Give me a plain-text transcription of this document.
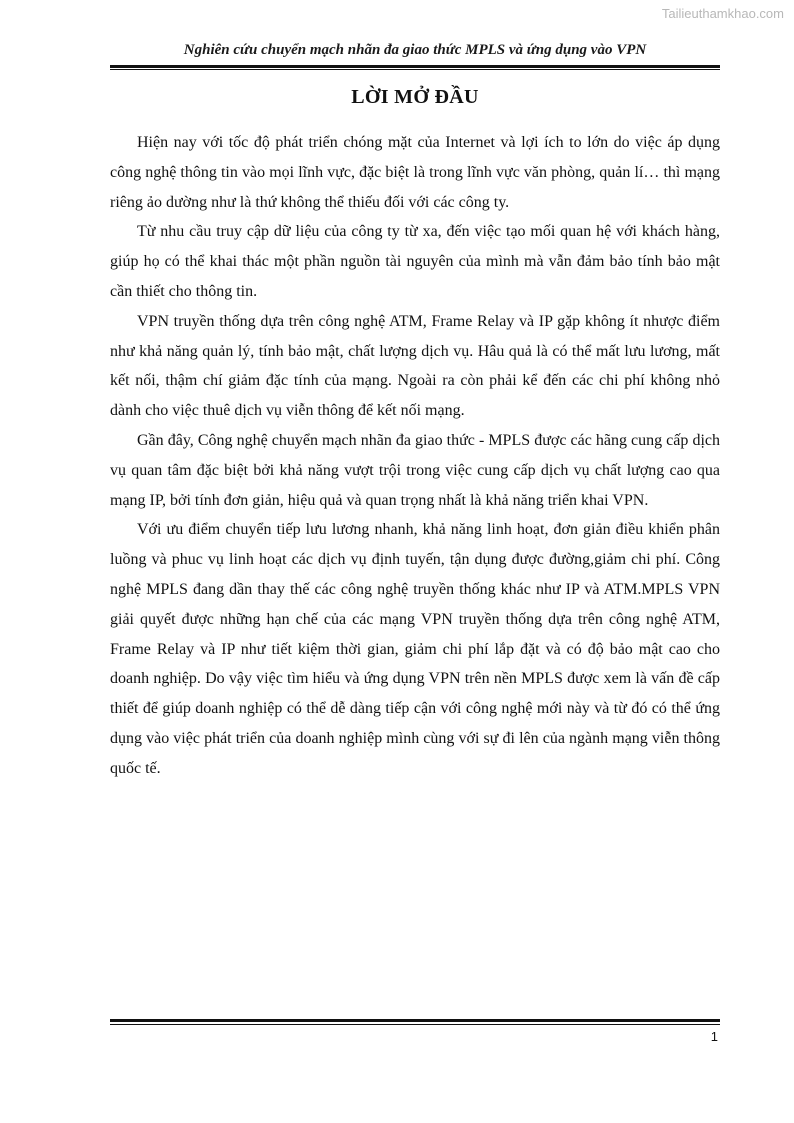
Tailieuthamkhao.com
Nghiên cứu chuyển mạch nhãn đa giao thức MPLS và ứng dụng vào VPN
LỜI MỞ ĐẦU

Hiện nay với tốc độ phát triển chóng mặt của Internet và lợi ích to lớn do việc áp dụng công nghệ thông tin vào mọi lĩnh vực, đặc biệt là trong lĩnh vực văn phòng, quản lí… thì mạng riêng ảo dường như là thứ không thể thiếu đối với các công ty.

Từ nhu cầu truy cập dữ liệu của công ty từ xa, đến việc tạo mối quan hệ với khách hàng, giúp họ có thể khai thác một phần nguồn tài nguyên của mình mà vẫn đảm bảo tính bảo mật cần thiết cho thông tin.

VPN truyền thống dựa trên công nghệ ATM, Frame Relay và IP gặp không ít nhược điểm như khả năng quản lý, tính bảo mật, chất lượng dịch vụ. Hâu quả là có thể mất lưu lương, mất kết nối, thậm chí giảm đặc tính của mạng. Ngoài ra còn phải kể đến các chi phí không nhỏ dành cho việc thuê dịch vụ viễn thông để kết nối mạng.

Gần đây, Công nghệ chuyển mạch nhãn đa giao thức - MPLS được các hãng cung cấp dịch vụ quan tâm đặc biệt bởi khả năng vượt trội trong việc cung cấp dịch vụ chất lượng cao qua mạng IP, bởi tính đơn giản, hiệu quả và quan trọng nhất là khả năng triển khai VPN.

Với ưu điểm chuyển tiếp lưu lương nhanh, khả năng linh hoạt, đơn giản điều khiển phân luồng và phuc vụ linh hoạt các dịch vụ định tuyến, tận dụng được đường,giảm chi phí. Công nghệ MPLS đang dần thay thế các công nghệ truyền thống khác như IP và ATM.MPLS VPN giải quyết được những hạn chế của các mạng VPN truyền thống dựa trên công nghệ ATM, Frame Relay và IP như tiết kiệm thời gian, giảm chi phí lắp đặt và có độ bảo mật cao cho doanh nghiệp. Do vậy việc tìm hiểu và ứng dụng VPN trên nền MPLS được xem là vấn đề cấp thiết để giúp doanh nghiệp có thể dễ dàng tiếp cận với công nghệ mới này và từ đó có thể ứng dụng vào việc phát triển của doanh nghiệp mình cùng với sự đi lên của ngành mạng viễn thông quốc tế.

1
